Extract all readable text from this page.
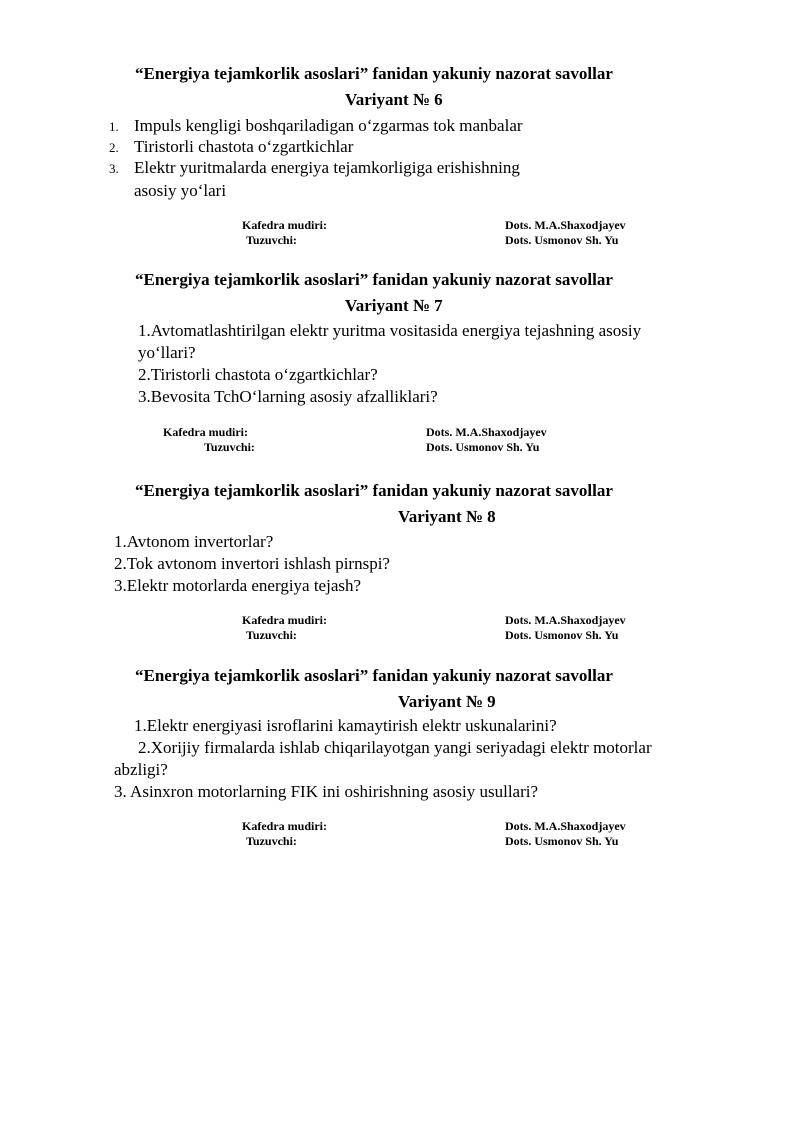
“Energiya tejamkorlik asoslari” fanidan yakuniy nazorat savollar
Variyant № 6
1. Impuls kengligi boshqariladigan o‘zgarmas tok manbalar
2. Tiristorli chastota o‘zgartkichlar
3. Elektr yuritmalarda energiya tejamkorligiga erishishning
asosiy yo‘lari
Kafedra mudiri:	Dots. M.A.Shaxodjayev
Tuzuvchi:	Dots. Usmonov Sh. Yu
“Energiya tejamkorlik asoslari” fanidan yakuniy nazorat savollar
Variyant № 7
1.Avtomatlashtirilgan elektr yuritma vositasida energiya tejashning asosiy
yo‘llari?
2.Tiristorli chastota o‘zgartkichlar?
3.Bevosita TchO‘larning asosiy afzalliklari?
Kafedra mudiri:	Dots. M.A.Shaxodjayev
Tuzuvchi:	Dots. Usmonov Sh. Yu
“Energiya tejamkorlik asoslari” fanidan yakuniy nazorat savollar
Variyant № 8
1.Avtonom invertorlar?
2.Tok avtonom invertori ishlash pirnspi?
3.Elektr motorlarda energiya tejash?
Kafedra mudiri:	Dots. M.A.Shaxodjayev
Tuzuvchi:	Dots. Usmonov Sh. Yu
“Energiya tejamkorlik asoslari” fanidan yakuniy nazorat savollar
Variyant № 9
1.Elektr energiyasi isroflarini kamaytirish elektr uskunalarini?
2.Xorijiy firmalarda ishlab chiqarilayotgan yangi seriyadagi elektr motorlar
abzligi?
3. Asinxron motorlarning FIK ini oshirishning asosiy usullari?
Kafedra mudiri:	Dots. M.A.Shaxodjayev
Tuzuvchi:	Dots. Usmonov Sh. Yu
